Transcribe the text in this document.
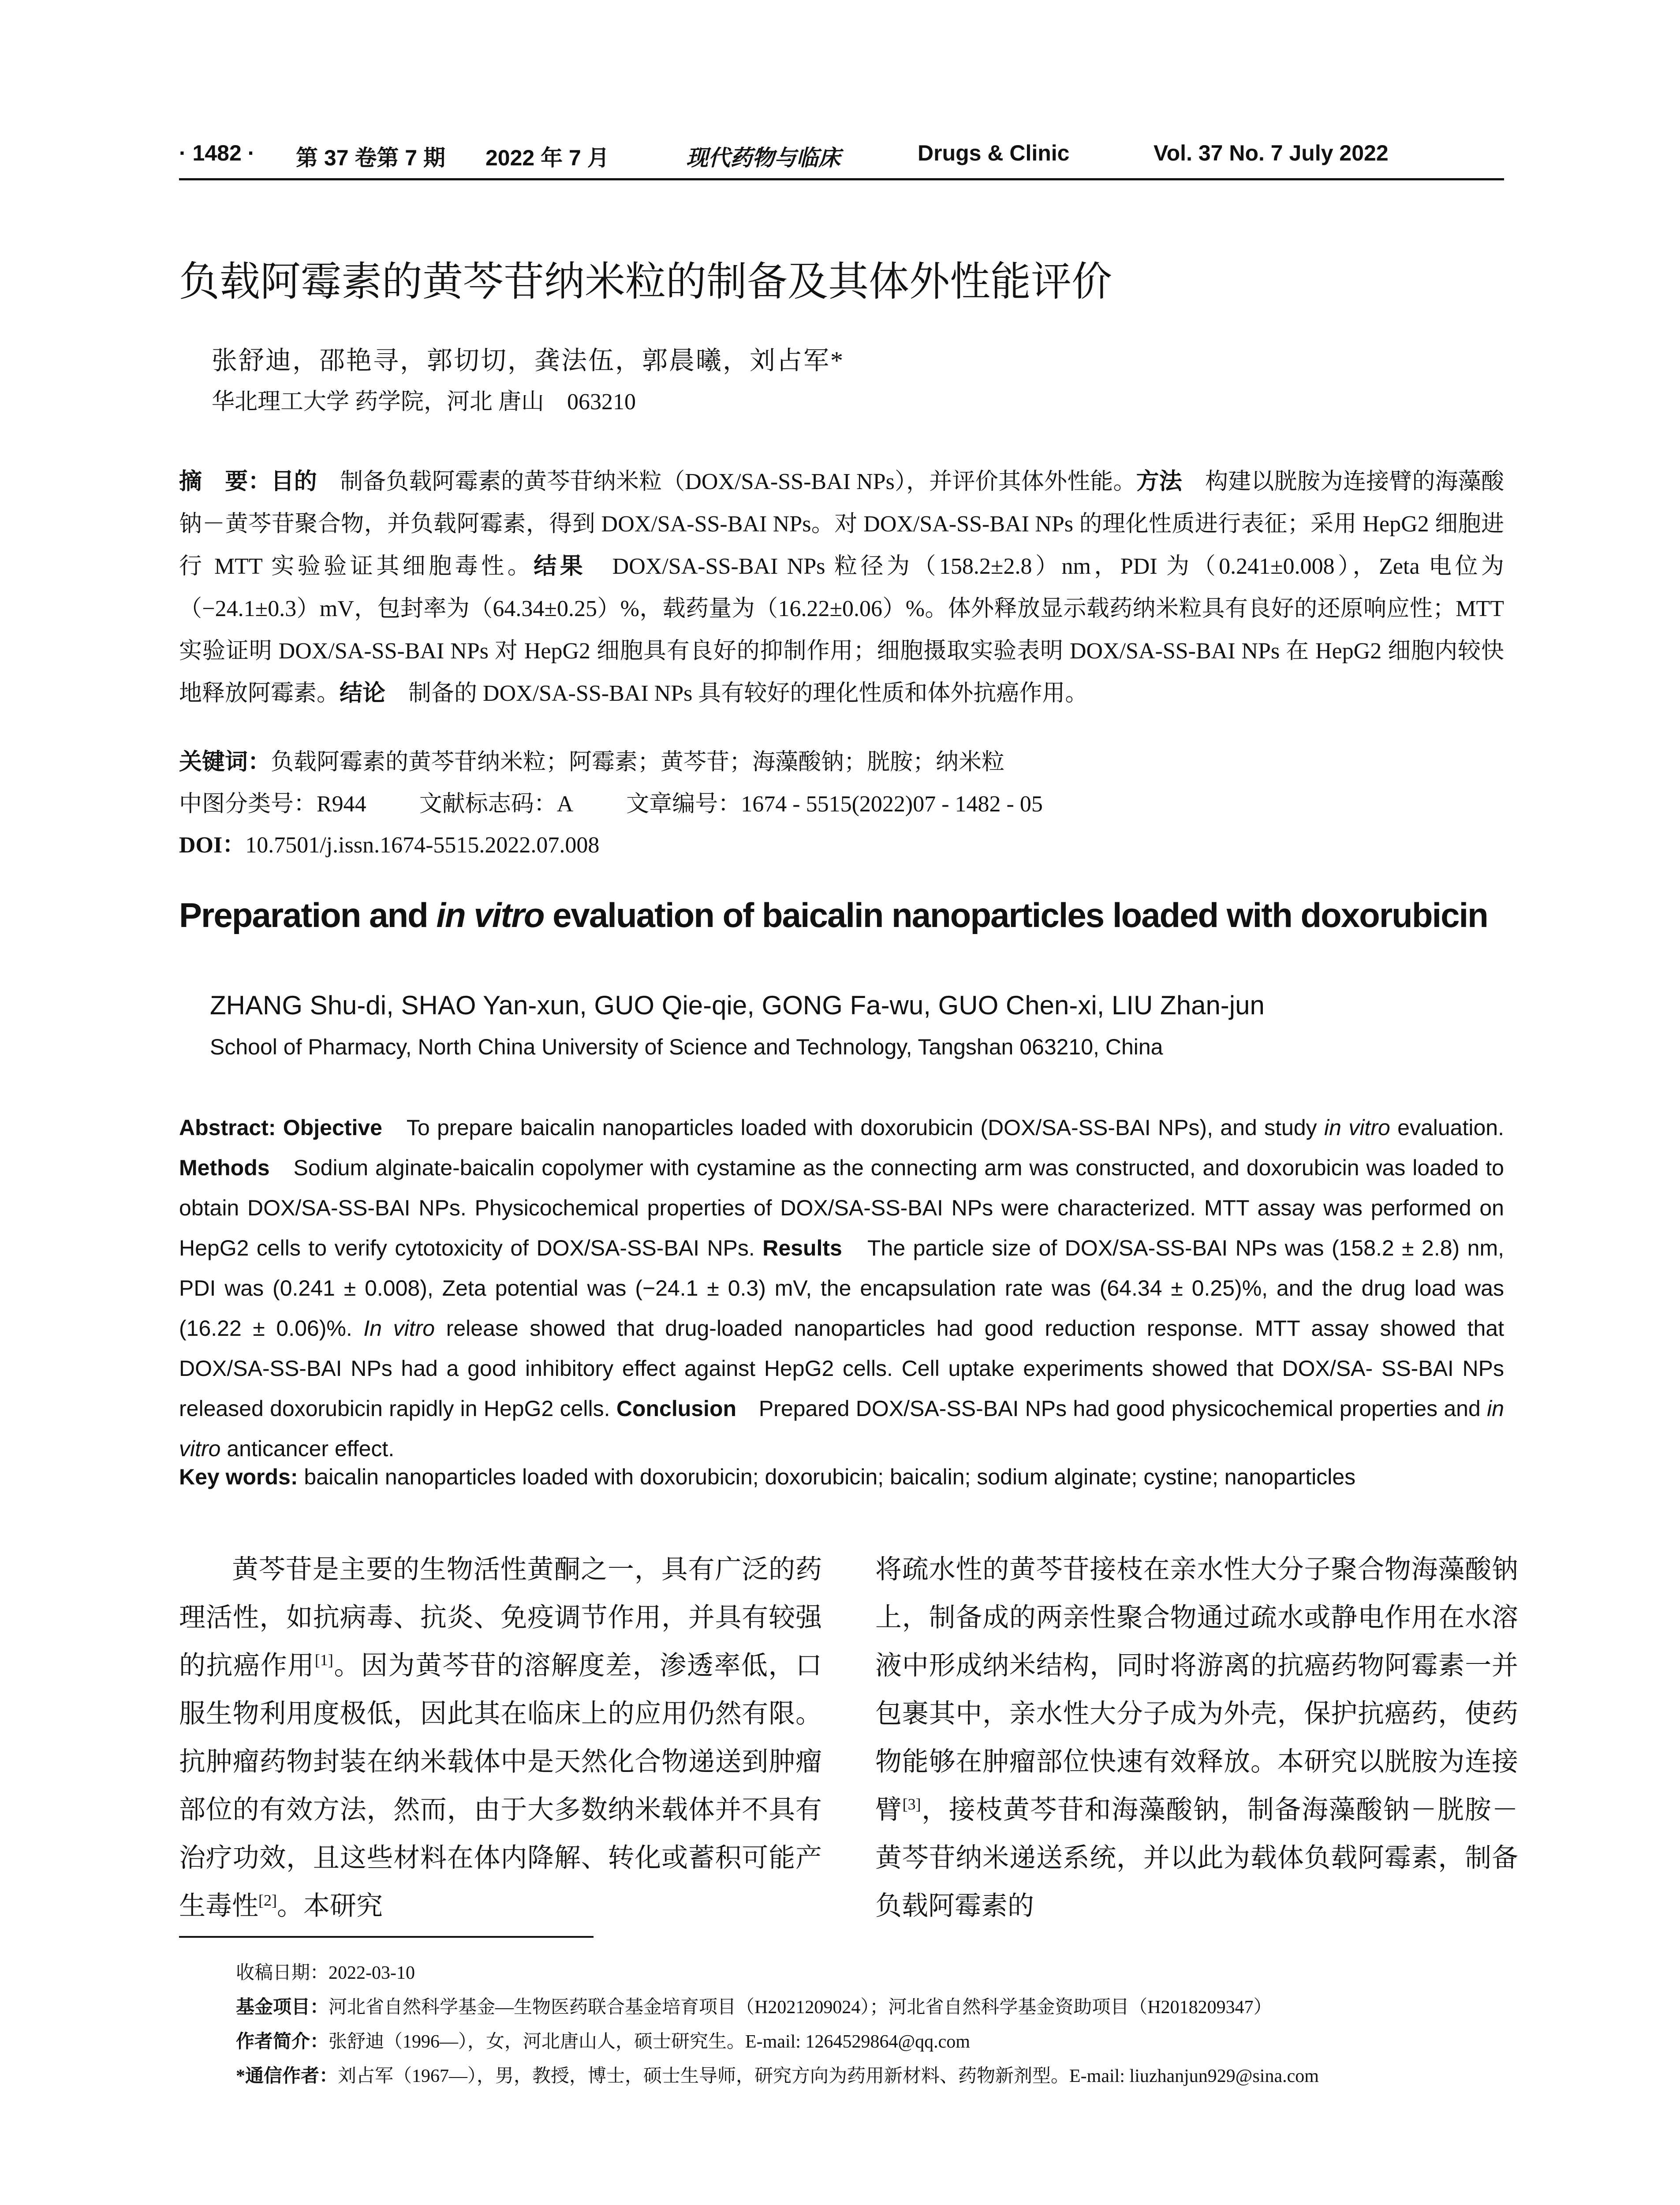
· 1482 · 第 37 卷第 7 期 2022 年 7 月	现代药物与临床	Drugs & Clinic	Vol. 37 No. 7 July 2022
负载阿霉素的黄芩苷纳米粒的制备及其体外性能评价
张舒迪，邵艳寻，郭切切，龚法伍，郭晨曦，刘占军*
华北理工大学 药学院，河北 唐山　063210
摘　要：目的　制备负载阿霉素的黄芩苷纳米粒（DOX/SA-SS-BAI NPs），并评价其体外性能。方法　构建以胱胺为连接臂的海藻酸钠－黄芩苷聚合物，并负载阿霉素，得到 DOX/SA-SS-BAI NPs。对 DOX/SA-SS-BAI NPs 的理化性质进行表征；采用 HepG2 细胞进行 MTT 实验验证其细胞毒性。结果　DOX/SA-SS-BAI NPs 粒径为（158.2±2.8）nm，PDI 为（0.241±0.008），Zeta 电位为（−24.1±0.3）mV，包封率为（64.34±0.25）%，载药量为（16.22±0.06）%。体外释放显示载药纳米粒具有良好的还原响应性；MTT 实验证明 DOX/SA-SS-BAI NPs 对 HepG2 细胞具有良好的抑制作用；细胞摄取实验表明 DOX/SA-SS-BAI NPs 在 HepG2 细胞内较快地释放阿霉素。结论　制备的 DOX/SA-SS-BAI NPs 具有较好的理化性质和体外抗癌作用。
关键词：负载阿霉素的黄芩苷纳米粒；阿霉素；黄芩苷；海藻酸钠；胱胺；纳米粒
中图分类号：R944 文献标志码：A 文章编号：1674 - 5515(2022)07 - 1482 - 05
DOI：10.7501/j.issn.1674-5515.2022.07.008
Preparation and in vitro evaluation of baicalin nanoparticles loaded with doxorubicin
ZHANG Shu-di, SHAO Yan-xun, GUO Qie-qie, GONG Fa-wu, GUO Chen-xi, LIU Zhan-jun
School of Pharmacy, North China University of Science and Technology, Tangshan 063210, China
Abstract: Objective　To prepare baicalin nanoparticles loaded with doxorubicin (DOX/SA-SS-BAI NPs), and study in vitro evaluation. Methods　Sodium alginate-baicalin copolymer with cystamine as the connecting arm was constructed, and doxorubicin was loaded to obtain DOX/SA-SS-BAI NPs. Physicochemical properties of DOX/SA-SS-BAI NPs were characterized. MTT assay was performed on HepG2 cells to verify cytotoxicity of DOX/SA-SS-BAI NPs. Results　The particle size of DOX/SA-SS-BAI NPs was (158.2 ± 2.8) nm, PDI was (0.241 ± 0.008), Zeta potential was (−24.1 ± 0.3) mV, the encapsulation rate was (64.34 ± 0.25)%, and the drug load was (16.22 ± 0.06)%. In vitro release showed that drug-loaded nanoparticles had good reduction response. MTT assay showed that DOX/SA-SS-BAI NPs had a good inhibitory effect against HepG2 cells. Cell uptake experiments showed that DOX/SA- SS-BAI NPs released doxorubicin rapidly in HepG2 cells. Conclusion　Prepared DOX/SA-SS-BAI NPs had good physicochemical properties and in vitro anticancer effect.
Key words: baicalin nanoparticles loaded with doxorubicin; doxorubicin; baicalin; sodium alginate; cystine; nanoparticles
黄芩苷是主要的生物活性黄酮之一，具有广泛的药理活性，如抗病毒、抗炎、免疫调节作用，并具有较强的抗癌作用[1]。因为黄芩苷的溶解度差，渗透率低，口服生物利用度极低，因此其在临床上的应用仍然有限。抗肿瘤药物封装在纳米载体中是天然化合物递送到肿瘤部位的有效方法，然而，由于大多数纳米载体并不具有治疗功效，且这些材料在体内降解、转化或蓄积可能产生毒性[2]。本研究
将疏水性的黄芩苷接枝在亲水性大分子聚合物海藻酸钠上，制备成的两亲性聚合物通过疏水或静电作用在水溶液中形成纳米结构，同时将游离的抗癌药物阿霉素一并包裹其中，亲水性大分子成为外壳，保护抗癌药，使药物能够在肿瘤部位快速有效释放。本研究以胱胺为连接臂[3]，接枝黄芩苷和海藻酸钠，制备海藻酸钠－胱胺－黄芩苷纳米递送系统，并以此为载体负载阿霉素，制备负载阿霉素的
收稿日期：2022-03-10
基金项目：河北省自然科学基金—生物医药联合基金培育项目（H2021209024）；河北省自然科学基金资助项目（H2018209347）
作者简介：张舒迪（1996—），女，河北唐山人，硕士研究生。E-mail: 1264529864@qq.com
*通信作者：刘占军（1967—），男，教授，博士，硕士生导师，研究方向为药用新材料、药物新剂型。E-mail: liuzhanjun929@sina.com
